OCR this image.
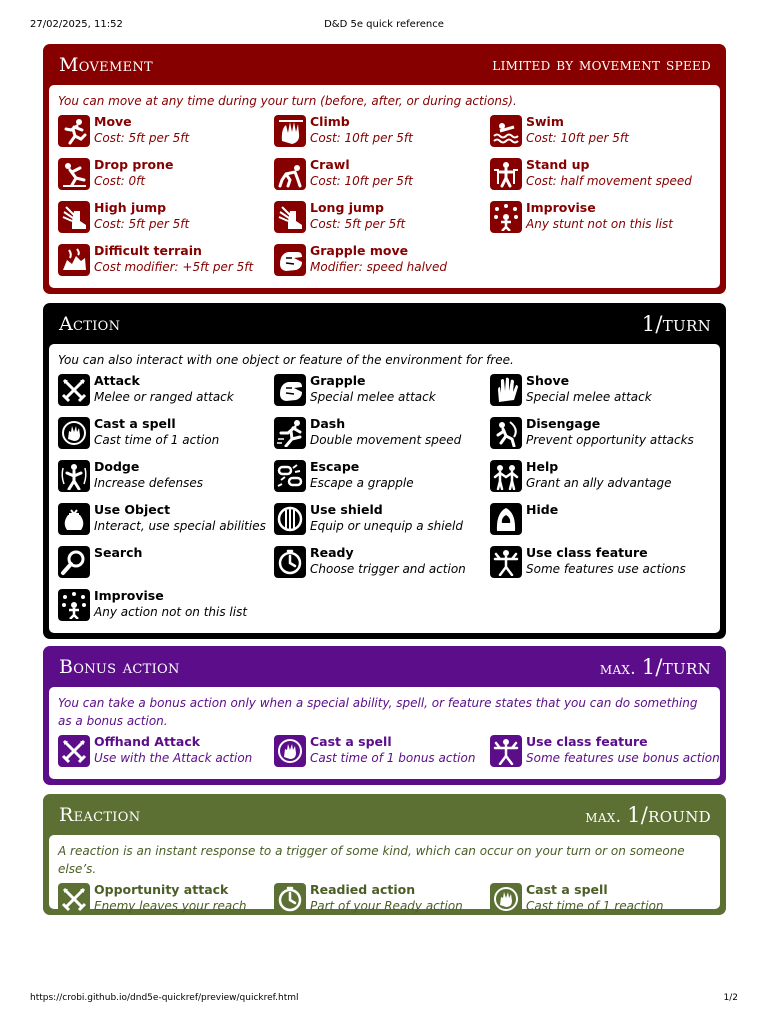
27/02/2025, 11:52	D&D 5e quick reference
Movement	limited by movement speed

You can move at any time during your turn (before, after, or during actions).

Move
Cost: 5ft per 5ft
Climb
Cost: 10ft per 5ft
Swim
Cost: 10ft per 5ft
Drop prone
Cost: 0ft
Crawl
Cost: 10ft per 5ft
Stand up
Cost: half movement speed
High jump
Cost: 5ft per 5ft
Long jump
Cost: 5ft per 5ft
Improvise
Any stunt not on this list
Difficult terrain
Cost modifier: +5ft per 5ft
Grapple move
Modifier: speed halved
Action	1/turn

You can also interact with one object or feature of the environment for free.

Attack
Melee or ranged attack
Grapple
Special melee attack
Shove
Special melee attack
Cast a spell
Cast time of 1 action
Dash
Double movement speed
Disengage
Prevent opportunity attacks
Dodge
Increase defenses
Escape
Escape a grapple
Help
Grant an ally advantage
Use Object
Interact, use special abilities
Use shield
Equip or unequip a shield
Hide
Search	Ready
Choose trigger and action
Use class feature
Some features use actions
Improvise
Any action not on this list
Bonus action	max. 1/turn

You can take a bonus action only when a special ability, spell, or feature states that you can do something as a bonus action.

Offhand Attack
Use with the Attack action
Cast a spell
Cast time of 1 bonus action
Use class feature
Some features use bonus actions
Reaction	max. 1/round

A reaction is an instant response to a trigger of some kind, which can occur on your turn or on someone else’s.

Opportunity attack
Enemy leaves your reach
Readied action
Part of your Ready action
Cast a spell
Cast time of 1 reaction
https://crobi.github.io/dnd5e-quickref/preview/quickref.html	1/2
